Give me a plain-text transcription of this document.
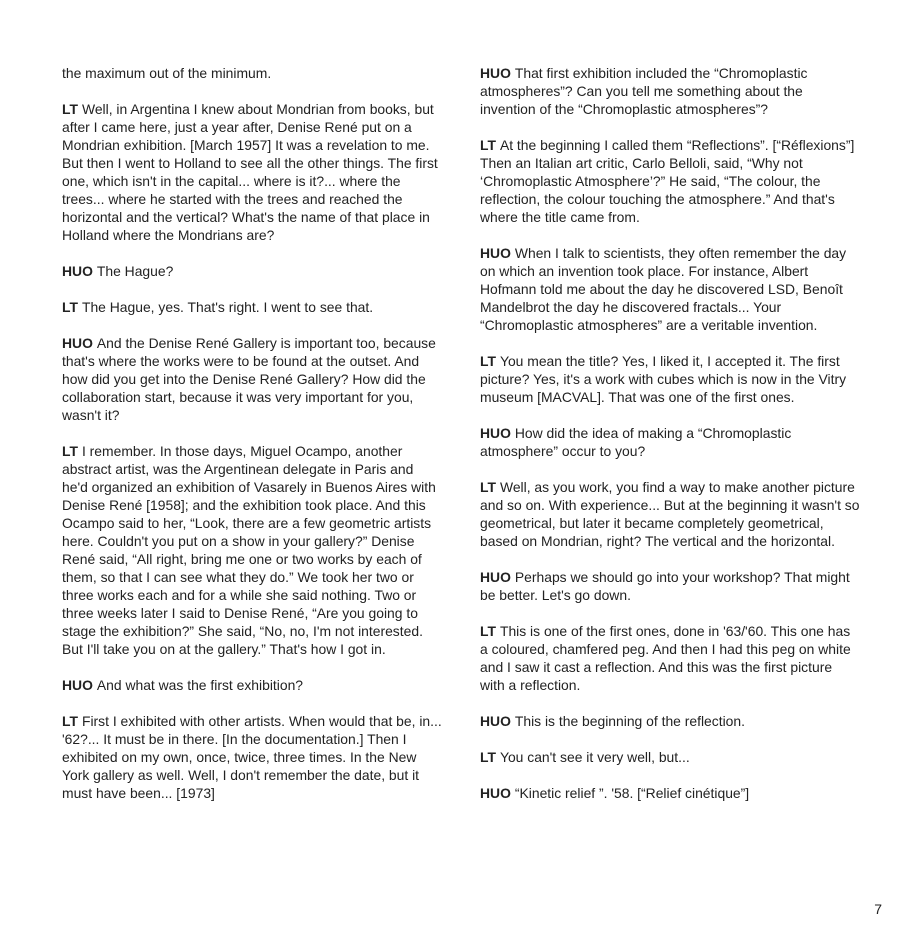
the maximum out of the minimum.

LT Well, in Argentina I knew about Mondrian from books, but after I came here, just a year after, Denise René put on a Mondrian exhibition. [March 1957] It was a revelation to me. But then I went to Holland to see all the other things. The first one, which isn't in the capital... where is it?... where the trees... where he started with the trees and reached the horizontal and the vertical? What's the name of that place in Holland where the Mondrians are?

HUO The Hague?

LT The Hague, yes. That's right. I went to see that.

HUO And the Denise René Gallery is important too, because that's where the works were to be found at the outset. And how did you get into the Denise René Gallery? How did the collaboration start, because it was very important for you, wasn't it?

LT I remember. In those days, Miguel Ocampo, another abstract artist, was the Argentinean delegate in Paris and he'd organized an exhibition of Vasarely in Buenos Aires with Denise René [1958]; and the exhibition took place. And this Ocampo said to her, “Look, there are a few geometric artists here. Couldn't you put on a show in your gallery?” Denise René said, “All right, bring me one or two works by each of them, so that I can see what they do.” We took her two or three works each and for a while she said nothing. Two or three weeks later I said to Denise René, “Are you going to stage the exhibition?” She said, “No, no, I'm not interested. But I'll take you on at the gallery.” That's how I got in.

HUO And what was the first exhibition?

LT First I exhibited with other artists. When would that be, in... '62?... It must be in there. [In the documentation.] Then I exhibited on my own, once, twice, three times. In the New York gallery as well. Well, I don't remember the date, but it must have been... [1973]

HUO That first exhibition included the “Chromoplastic atmospheres”? Can you tell me something about the invention of the “Chromoplastic atmospheres”?

LT At the beginning I called them “Reflections”. [“Réflexions”]
Then an Italian art critic, Carlo Belloli, said, “Why not ‘Chromoplastic Atmosphere’?” He said, “The colour, the reflection, the colour touching the atmosphere.” And that's where the title came from.

HUO When I talk to scientists, they often remember the day on which an invention took place. For instance, Albert Hofmann told me about the day he discovered LSD, Benoît Mandelbrot the day he discovered fractals... Your “Chromoplastic atmospheres” are a veritable invention.

LT You mean the title? Yes, I liked it, I accepted it. The first picture? Yes, it's a work with cubes which is now in the Vitry museum [MACVAL]. That was one of the first ones.

HUO How did the idea of making a “Chromoplastic atmosphere” occur to you?

LT Well, as you work, you find a way to make another picture and so on. With experience... But at the beginning it wasn't so geometrical, but later it became completely geometrical, based on Mondrian, right? The vertical and the horizontal.

HUO Perhaps we should go into your workshop? That might be better. Let's go down.

LT This is one of the first ones, done in '63/'60. This one has a coloured, chamfered peg. And then I had this peg on white and I saw it cast a reflection. And this was the first picture with a reflection.

HUO This is the beginning of the reflection.

LT You can't see it very well, but...

HUO “Kinetic relief ”. '58. [“Relief cinétique”]

7
